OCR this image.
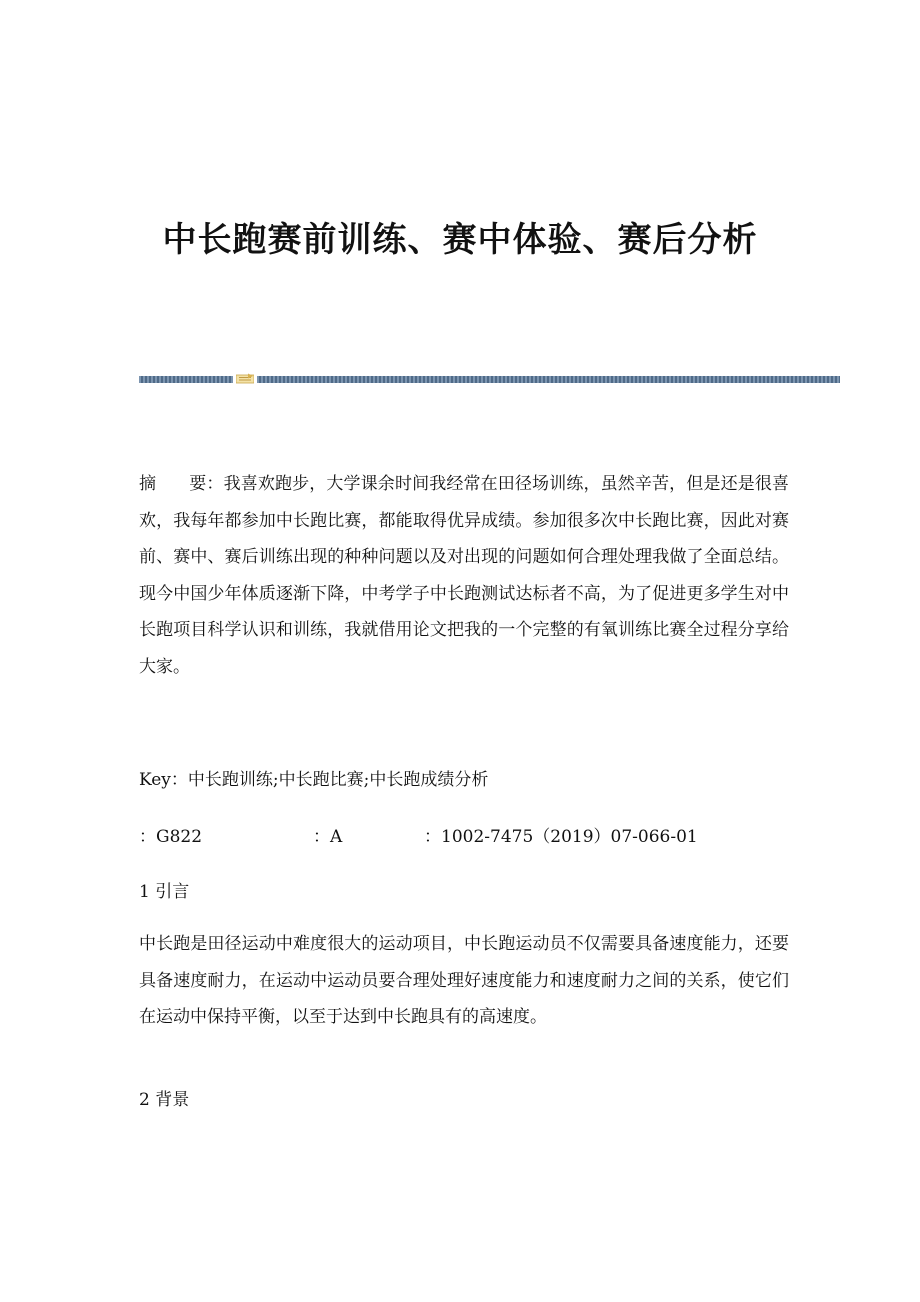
中长跑赛前训练、赛中体验、赛后分析

摘 要：我喜欢跑步，大学课余时间我经常在田径场训练，虽然辛苦，但是还是很喜欢，我每年都参加中长跑比赛，都能取得优异成绩。参加很多次中长跑比赛，因此对赛前、赛中、赛后训练出现的种种问题以及对出现的问题如何合理处理我做了全面总结。现今中国少年体质逐渐下降，中考学子中长跑测试达标者不高，为了促进更多学生对中长跑项目科学认识和训练，我就借用论文把我的一个完整的有氧训练比赛全过程分享给大家。

Key：中长跑训练;中长跑比赛;中长跑成绩分析

：G822	：A	：1002-7475（2019）07-066-01

1 引言

中长跑是田径运动中难度很大的运动项目，中长跑运动员不仅需要具备速度能力，还要具备速度耐力，在运动中运动员要合理处理好速度能力和速度耐力之间的关系，使它们在运动中保持平衡，以至于达到中长跑具有的高速度。

2 背景
